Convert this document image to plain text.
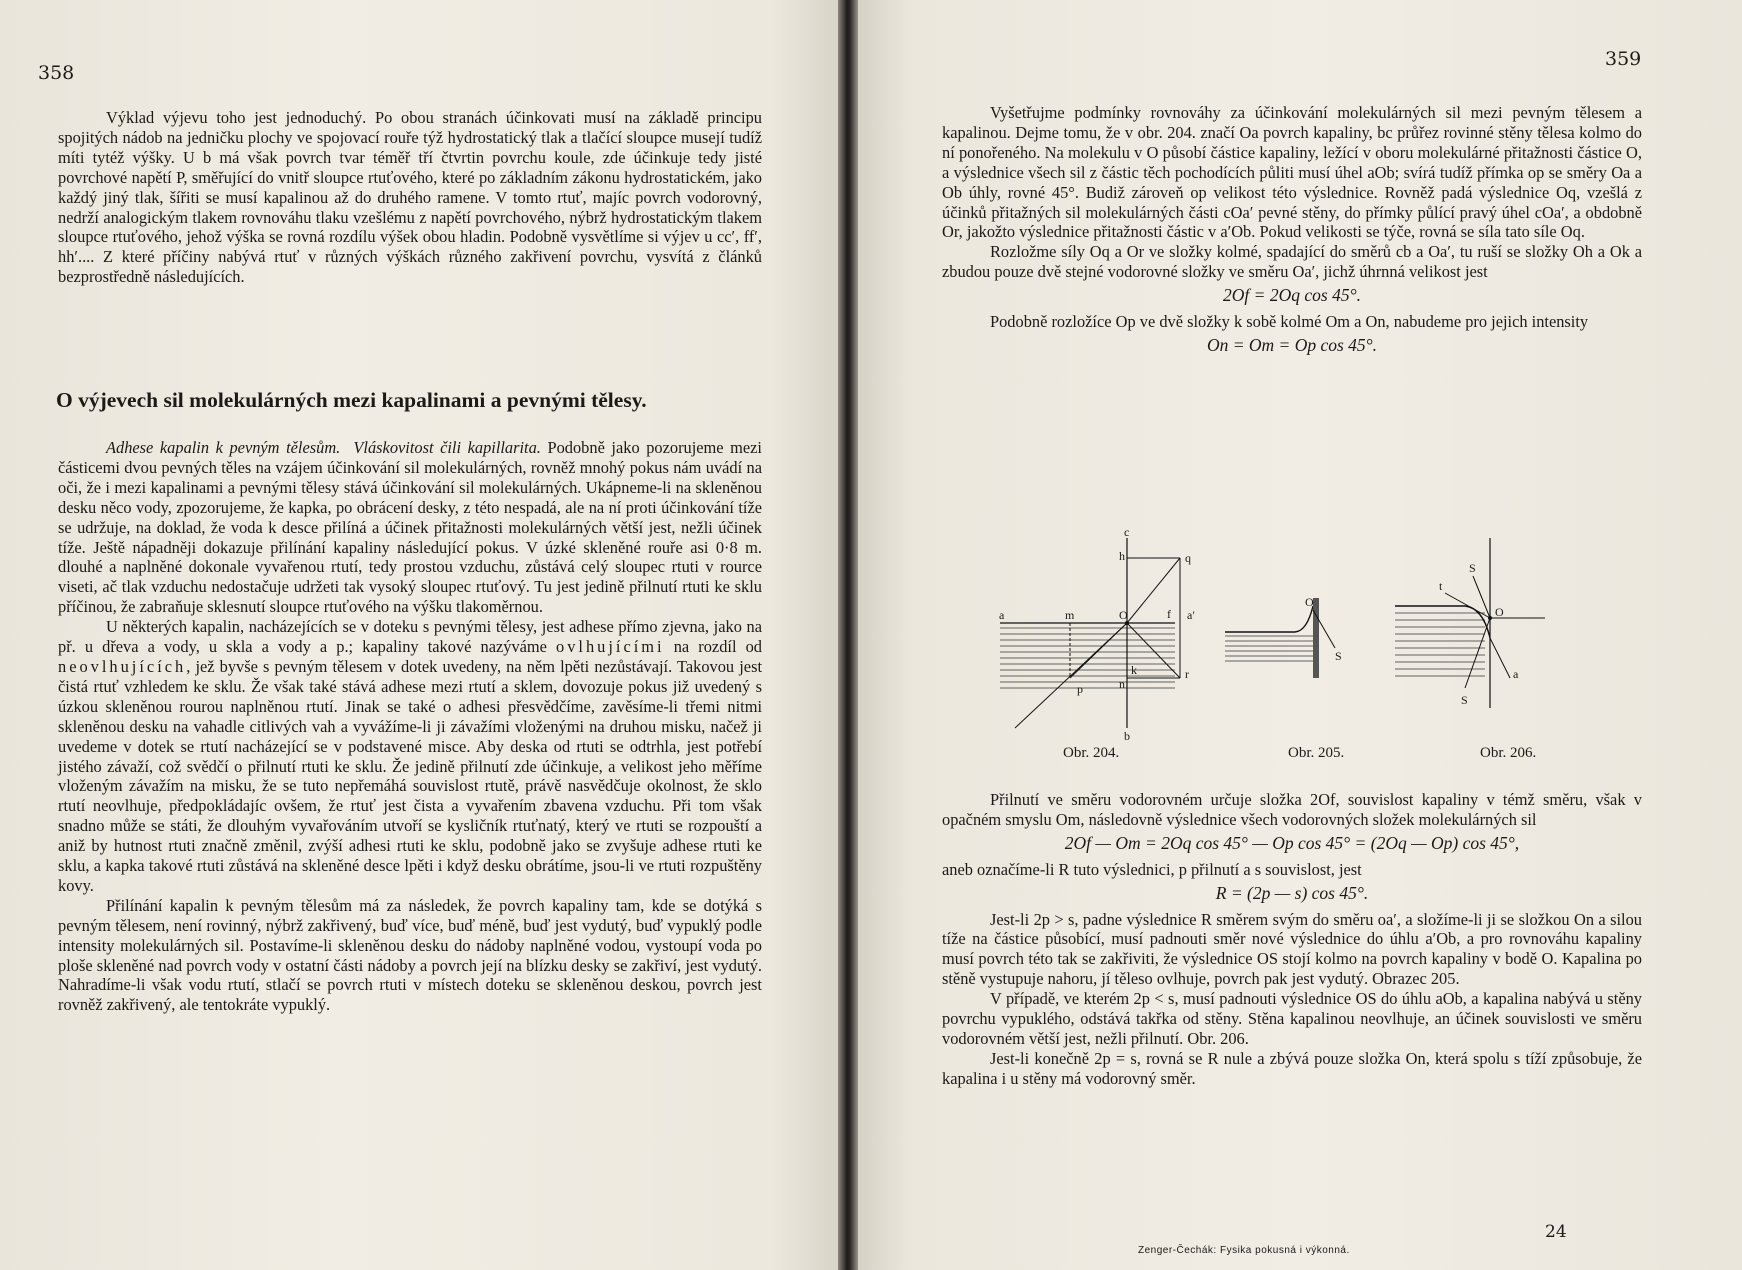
358

Výklad výjevu toho jest jednoduchý. Po obou stranách účinkovati musí na základě principu spojitých nádob na jedničku plochy ve spojovací rouře týž hydrostatický tlak a tlačící sloupce musejí tudíž míti tytéž výšky. U b má však povrch tvar téměř tří čtvrtin povrchu koule, zde účinkuje tedy jisté povrchové napětí P, směřující do vnitř sloupce rtuťového, které po základním zákonu hydrostatickém, jako každý jiný tlak, šířiti se musí kapalinou až do druhého ramene. V tomto rtuť, majíc povrch vodorovný, nedrží analogickým tlakem rovnováhu tlaku vzešlému z napětí povrchového, nýbrž hydrostatickým tlakem sloupce rtuťového, jehož výška se rovná rozdílu výšek obou hladin. Podobně vysvětlíme si výjev u cc′, ff′, hh′.... Z které příčiny nabývá rtuť v různých výškách různého zakřivení povrchu, vysvítá z článků bezprostředně následujících.

O výjevech sil molekulárných mezi kapalinami a pevnými tělesy.

Adhese kapalin k pevným tělesům. Vláskovitost čili kapillarita. Podobně jako pozorujeme mezi částicemi dvou pevných těles na vzájem účinkování sil molekulárných, rovněž mnohý pokus nám uvádí na oči, že i mezi kapalinami a pevnými tělesy stává účinkování sil molekulárných. Ukápneme-li na skleněnou desku něco vody, zpozorujeme, že kapka, po obrácení desky, z této nespadá, ale na ní proti účinkování tíže se udržuje, na doklad, že voda k desce přilíná a účinek přitažnosti molekulárných větší jest, nežli účinek tíže. Ještě nápadněji dokazuje přilínání kapaliny následující pokus. V úzké skleněné rouře asi 0·8 m. dlouhé a naplněné dokonale vyvařenou rtutí, tedy prostou vzduchu, zůstává celý sloupec rtuti v rource viseti, ač tlak vzduchu nedostačuje udržeti tak vysoký sloupec rtuťový. Tu jest jedině přilnutí rtuti ke sklu příčinou, že zabraňuje sklesnutí sloupce rtuťového na výšku tlakoměrnou.

U některých kapalin, nacházejících se v doteku s pevnými tělesy, jest adhese přímo zjevna, jako na př. u dřeva a vody, u skla a vody a p.; kapaliny takové nazýváme ovlhujícími na rozdíl od neovlhujících, jež byvše s pevným tělesem v dotek uvedeny, na něm lpěti nezůstávají. Takovou jest čistá rtuť vzhledem ke sklu. Že však také stává adhese mezi rtutí a sklem, dovozuje pokus již uvedený s úzkou skleněnou rourou naplněnou rtutí. Jinak se také o adhesi přesvědčíme, zavěsíme-li třemi nitmi skleněnou desku na vahadle citlivých vah a vyvážíme-li ji závažími vloženými na druhou misku, načež ji uvedeme v dotek se rtutí nacházející se v podstavené misce. Aby deska od rtuti se odtrhla, jest potřebí jistého závaží, což svědčí o přilnutí rtuti ke sklu. Že jedině přilnutí zde účinkuje, a velikost jeho měříme vloženým závažím na misku, že se tuto nepřemáhá souvislost rtutě, právě nasvědčuje okolnost, že sklo rtutí neovlhuje, předpokládajíc ovšem, že rtuť jest čista a vyvařením zbavena vzduchu. Při tom však snadno může se státi, že dlouhým vyvařováním utvoří se kysličník rtuťnatý, který ve rtuti se rozpouští a aniž by hutnost rtuti značně změnil, zvýší adhesi rtuti ke sklu, podobně jako se zvyšuje adhese rtuti ke sklu, a kapka takové rtuti zůstává na skleněné desce lpěti i když desku obrátíme, jsou-li ve rtuti rozpuštěny kovy.

Přilínání kapalin k pevným tělesům má za následek, že povrch kapaliny tam, kde se dotýká s pevným tělesem, není rovinný, nýbrž zakřivený, buď více, buď méně, buď jest vydutý, buď vypuklý podle intensity molekulárných sil. Postavíme-li skleněnou desku do nádoby naplněné vodou, vystoupí voda po ploše skleněné nad povrch vody v ostatní části nádoby a povrch její na blízku desky se zakřiví, jest vydutý. Nahradíme-li však vodu rtutí, stlačí se povrch rtuti v místech doteku se skleněnou deskou, povrch jest rovněž zakřivený, ale tentokráte vypuklý.

359

Vyšetřujme podmínky rovnováhy za účinkování molekulárných sil mezi pevným tělesem a kapalinou. Dejme tomu, že v obr. 204. značí Oa povrch kapaliny, bc průřez rovinné stěny tělesa kolmo do ní ponořeného. Na molekulu v O působí částice kapaliny, ležící v oboru molekulárné přitažnosti částice O, a výslednice všech sil z částic těch pochodících půliti musí úhel aOb; svírá tudíž přímka op se směry Oa a Ob úhly, rovné 45°. Budiž zároveň op velikost této výslednice. Rovněž padá výslednice Oq, vzešlá z účinků přitažných sil molekulárných části cOa′ pevné stěny, do přímky půlící pravý úhel cOa′, a obdobně Or, jakožto výslednice přitažnosti částic v a′Ob. Pokud velikosti se týče, rovná se síla tato síle Oq.

Rozložme síly Oq a Or ve složky kolmé, spadající do směrů cb a Oa′, tu ruší se složky Oh a Ok a zbudou pouze dvě stejné vodorovné složky ve směru Oa′, jichž úhrnná velikost jest

2Of = 2Oq cos 45°.

Podobně rozložíce Op ve dvě složky k sobě kolmé Om a On, nabudeme pro jejich intensity

On = Om = Op cos 45°.

Přilnutí ve směru vodorovném určuje složka 2Of, souvislost kapaliny v témž směru, však v opačném smyslu Om, následovně výslednice všech vodorovných složek molekulárných sil

2Of — Om = 2Oq cos 45° — Op cos 45° = (2Oq — Op) cos 45°,

aneb označíme-li R tuto výslednici, p přilnutí a s souvislost, jest

R = (2p — s) cos 45°.

Jest-li 2p > s, padne výslednice R směrem svým do směru oa′, a složíme-li ji se složkou On a silou tíže na částice působící, musí padnouti směr nové výslednice do úhlu a′Ob, a pro rovnováhu kapaliny musí povrch této tak se zakřiviti, že výslednice OS stojí kolmo na povrch kapaliny v bodě O. Kapalina po stěně vystupuje nahoru, jí těleso ovlhuje, povrch pak jest vydutý. Obrazec 205.

V případě, ve kterém 2p < s, musí padnouti výslednice OS do úhlu aOb, a kapalina nabývá u stěny povrchu vypuklého, odstává takřka od stěny. Stěna kapalinou neovlhuje, an účinek souvislosti ve směru vodorovném větší jest, nežli přilnutí. Obr. 206.

Jest-li konečně 2p = s, rovná se R nule a zbývá pouze složka On, která spolu s tíží způsobuje, že kapalina i u stěny má vodorovný směr.

24
Zenger-Čechák: Fysika pokusná i výkonná.
c
h	q
a	m	O	f a′
k	r
p	n
b
O
S
t
S
O
S
a
Obr. 204.	Obr. 205.	Obr. 206.
